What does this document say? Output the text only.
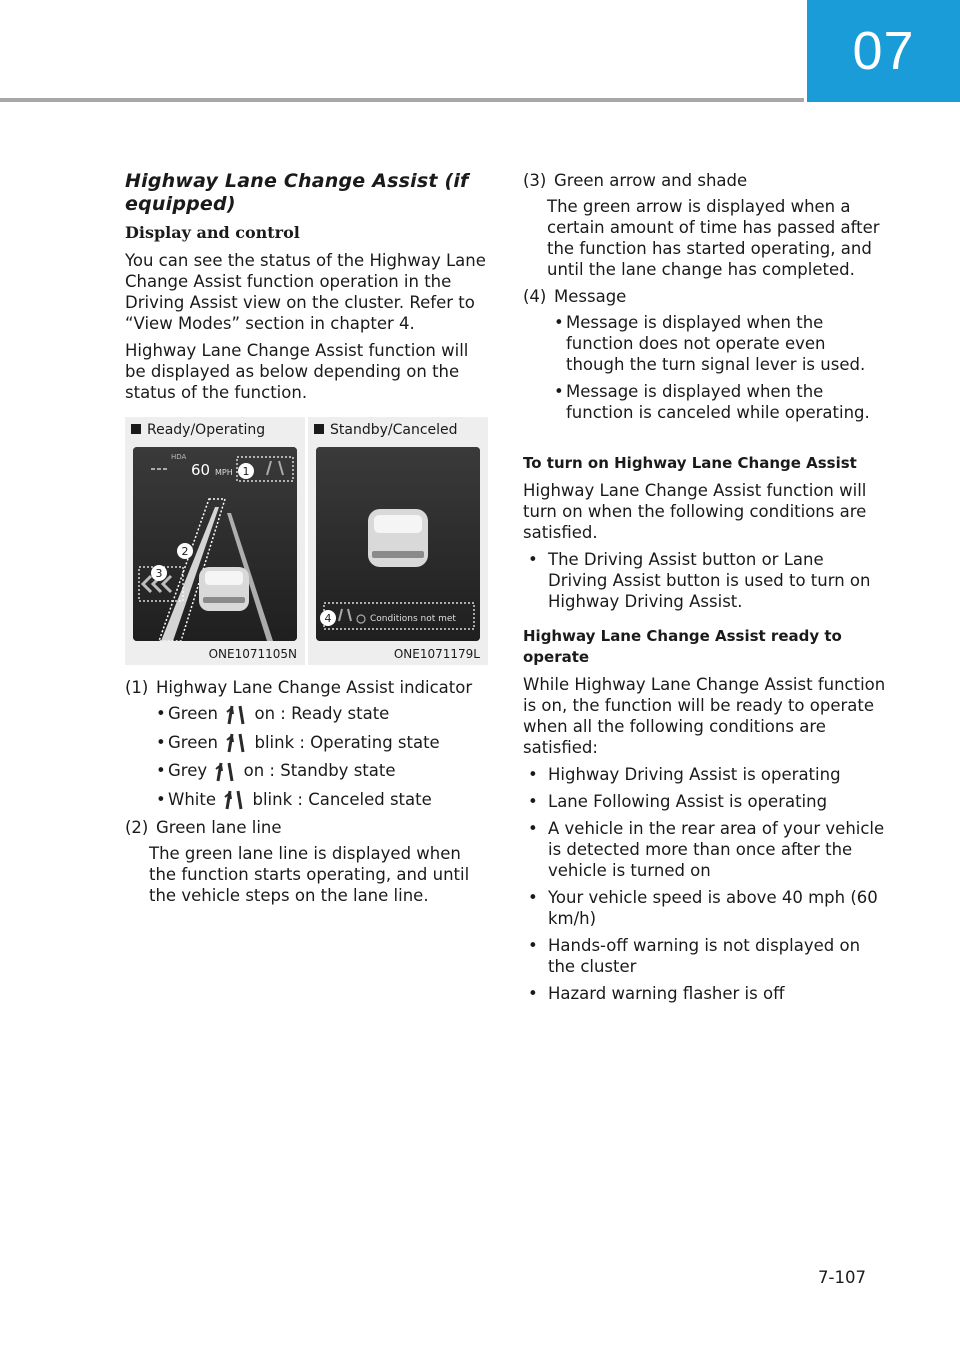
07
Highway Lane Change Assist (if equipped)
Display and control

You can see the status of the Highway Lane Change Assist function operation in the Driving Assist view on the cluster. Refer to “View Modes” section in chapter 4.

Highway Lane Change Assist function will be displayed as below depending on the status of the function.

Ready/Operating
HDA
60 MPH 1
2
3
ONE1071105N
Standby/Canceled
Conditions not met
4
ONE1071179L
(1) Highway Lane Change Assist indicator
• Green on : Ready state
• Green blink : Operating state
• Grey on : Standby state
• White blink : Canceled state
(2) Green lane line

The green lane line is displayed when the function starts operating, and until the vehicle steps on the lane line.

(3) Green arrow and shade

The green arrow is displayed when a certain amount of time has passed after the function has started operating, and until the lane change has completed.

(4) Message
• Message is displayed when the function does not operate even though the turn signal lever is used.
• Message is displayed when the function is canceled while operating.
To turn on Highway Lane Change Assist

Highway Lane Change Assist function will turn on when the following conditions are satisfied.

• The Driving Assist button or Lane Driving Assist button is used to turn on Highway Driving Assist.
Highway Lane Change Assist ready to operate

While Highway Lane Change Assist function is on, the function will be ready to operate when all the following conditions are satisfied:

• Highway Driving Assist is operating
• Lane Following Assist is operating
• A vehicle in the rear area of your vehicle is detected more than once after the vehicle is turned on
• Your vehicle speed is above 40 mph (60 km/h)
• Hands-off warning is not displayed on the cluster
• Hazard warning flasher is off
7-107
